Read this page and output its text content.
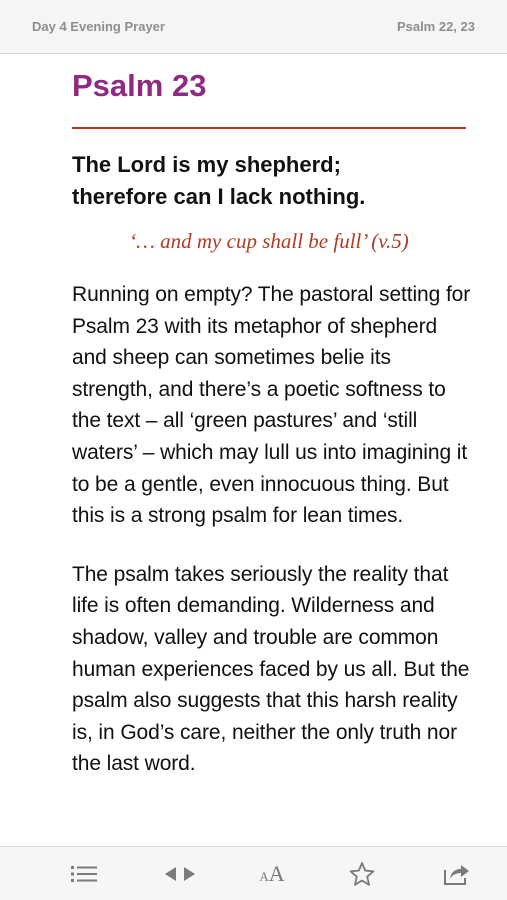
Day 4 Evening Prayer	Psalm 22, 23
Psalm 23
The Lord is my shepherd;
therefore can I lack nothing.
‘… and my cup shall be full’ (v.5)

Running on empty? The pastoral setting for Psalm 23 with its metaphor of shepherd and sheep can sometimes belie its strength, and there’s a poetic softness to the text – all ‘green pastures’ and ‘still waters’ – which may lull us into imagining it to be a gentle, even innocuous thing. But this is a strong psalm for lean times.

The psalm takes seriously the reality that life is often demanding. Wilderness and shadow, valley and trouble are common human experiences faced by us all. But the psalm also suggests that this harsh reality is, in God’s care, neither the only truth nor the last word.

AA
